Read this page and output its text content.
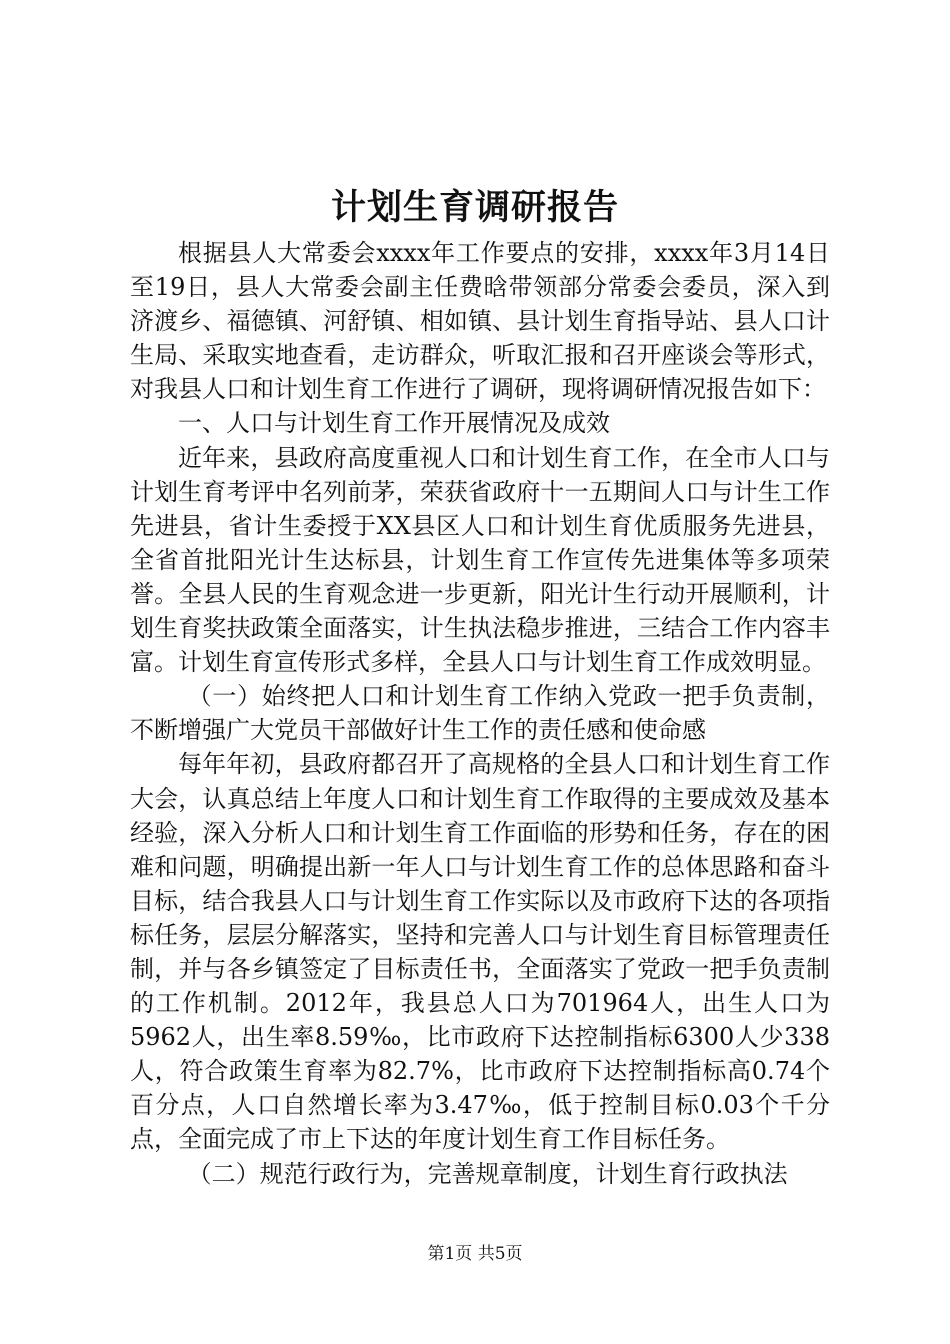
计划生育调研报告

根据县人大常委会xxxx年工作要点的安排，xxxx年3月14日至19日，县人大常委会副主任费晗带领部分常委会委员，深入到济渡乡、福德镇、河舒镇、相如镇、县计划生育指导站、县人口计生局、采取实地查看，走访群众，听取汇报和召开座谈会等形式，对我县人口和计划生育工作进行了调研，现将调研情况报告如下：

一、人口与计划生育工作开展情况及成效

近年来，县政府高度重视人口和计划生育工作，在全市人口与计划生育考评中名列前茅，荣获省政府十一五期间人口与计生工作先进县，省计生委授于XX县区人口和计划生育优质服务先进县，全省首批阳光计生达标县，计划生育工作宣传先进集体等多项荣誉。全县人民的生育观念进一步更新，阳光计生行动开展顺利，计划生育奖扶政策全面落实，计生执法稳步推进，三结合工作内容丰富。计划生育宣传形式多样，全县人口与计划生育工作成效明显。

（一）始终把人口和计划生育工作纳入党政一把手负责制，不断增强广大党员干部做好计生工作的责任感和使命感

每年年初，县政府都召开了高规格的全县人口和计划生育工作大会，认真总结上年度人口和计划生育工作取得的主要成效及基本经验，深入分析人口和计划生育工作面临的形势和任务，存在的困难和问题，明确提出新一年人口与计划生育工作的总体思路和奋斗目标，结合我县人口与计划生育工作实际以及市政府下达的各项指标任务，层层分解落实，坚持和完善人口与计划生育目标管理责任制，并与各乡镇签定了目标责任书，全面落实了党政一把手负责制的工作机制。2012年，我县总人口为701964人，出生人口为5962人，出生率8.59‰，比市政府下达控制指标6300人少338人，符合政策生育率为82.7%，比市政府下达控制指标高0.74个百分点，人口自然增长率为3.47‰，低于控制目标0.03个千分点，全面完成了市上下达的年度计划生育工作目标任务。

（二）规范行政行为，完善规章制度，计划生育行政执法

第1页 共5页
